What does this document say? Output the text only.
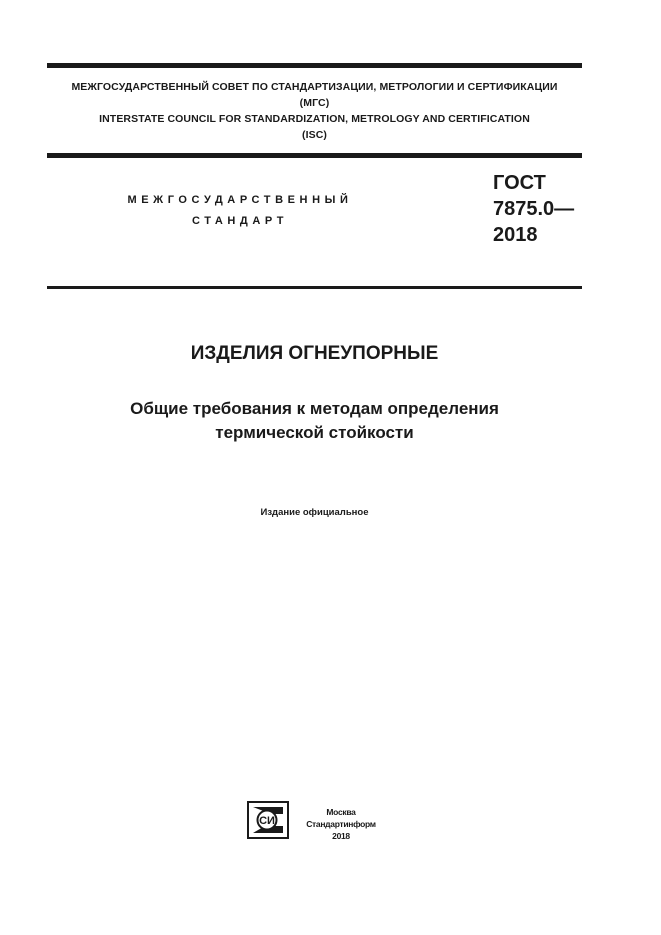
МЕЖГОСУДАРСТВЕННЫЙ СОВЕТ ПО СТАНДАРТИЗАЦИИ, МЕТРОЛОГИИ И СЕРТИФИКАЦИИ
(МГС)
INTERSTATE COUNCIL FOR STANDARDIZATION, METROLOGY AND CERTIFICATION
(ISC)
МЕЖГОСУДАРСТВЕННЫЙ
СТАНДАРТ
ГОСТ
7875.0—
2018
ИЗДЕЛИЯ ОГНЕУПОРНЫЕ
Общие требования к методам определения
термической стойкости
Издание официальное
СИ
Москва
Стандартинформ
2018
